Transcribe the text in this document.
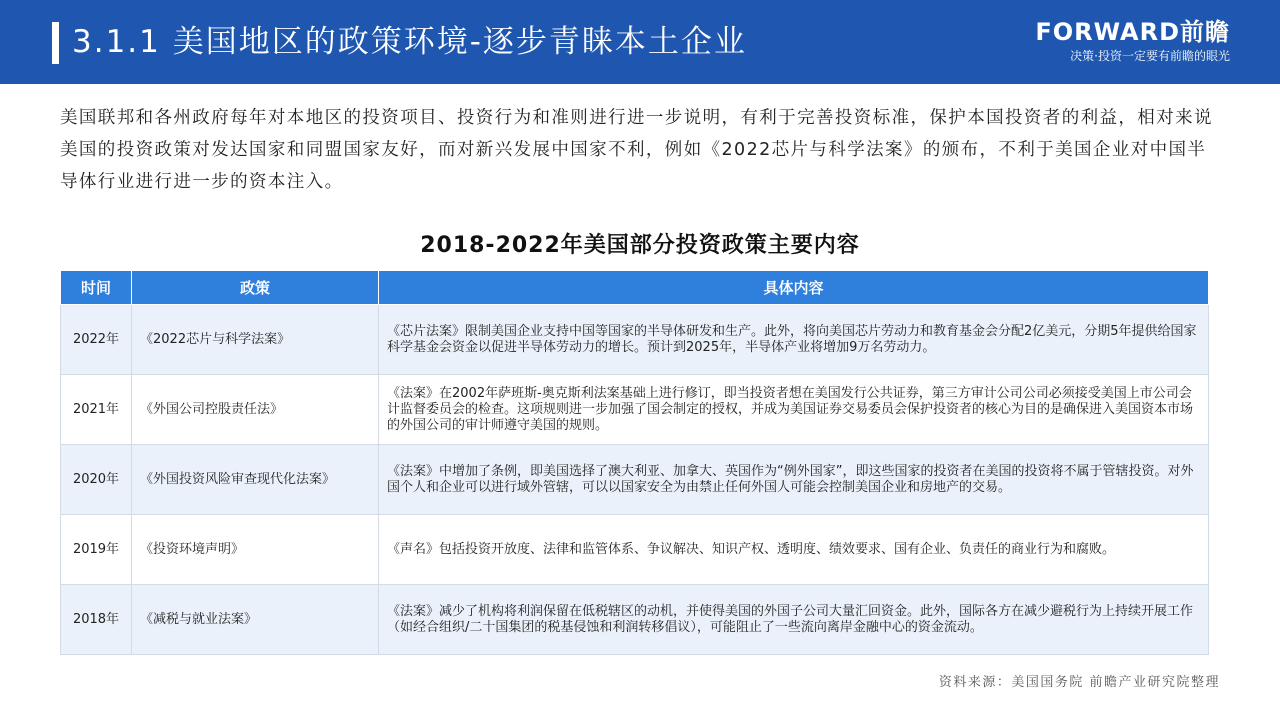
3.1.1 美国地区的政策环境-逐步青睐本土企业	FORWARD前瞻
决策·投资一定要有前瞻的眼光
美国联邦和各州政府每年对本地区的投资项目、投资行为和准则进行进一步说明，有利于完善投资标准，保护本国投资者的利益，相对来说美国的投资政策对发达国家和同盟国家友好，而对新兴发展中国家不利，例如《2022芯片与科学法案》的颁布，不利于美国企业对中国半导体行业进行进一步的资本注入。
2018-2022年美国部分投资政策主要内容
时间	政策	具体内容
2022年	《2022芯片与科学法案》	《芯片法案》限制美国企业支持中国等国家的半导体研发和生产。此外，将向美国芯片劳动力和教育基金会分配2亿美元，分期5年提供给国家科学基金会资金以促进半导体劳动力的增长。预计到2025年，半导体产业将增加9万名劳动力。
2021年	《外国公司控股责任法》	《法案》在2002年萨班斯-奥克斯利法案基础上进行修订，即当投资者想在美国发行公共证券，第三方审计公司公司必须接受美国上市公司会计监督委员会的检查。这项规则进一步加强了国会制定的授权，并成为美国证券交易委员会保护投资者的核心为目的是确保进入美国资本市场的外国公司的审计师遵守美国的规则。
2020年	《外国投资风险审查现代化法案》	《法案》中增加了条例，即美国选择了澳大利亚、加拿大、英国作为“例外国家”，即这些国家的投资者在美国的投资将不属于管辖投资。对外国个人和企业可以进行域外管辖，可以以国家安全为由禁止任何外国人可能会控制美国企业和房地产的交易。
2019年	《投资环境声明》	《声名》包括投资开放度、法律和监管体系、争议解决、知识产权、透明度、绩效要求、国有企业、负责任的商业行为和腐败。
2018年	《减税与就业法案》	《法案》减少了机构将利润保留在低税辖区的动机，并使得美国的外国子公司大量汇回资金。此外，国际各方在减少避税行为上持续开展工作（如经合组织/二十国集团的税基侵蚀和利润转移倡议），可能阻止了一些流向离岸金融中心的资金流动。
资料来源：美国国务院 前瞻产业研究院整理
